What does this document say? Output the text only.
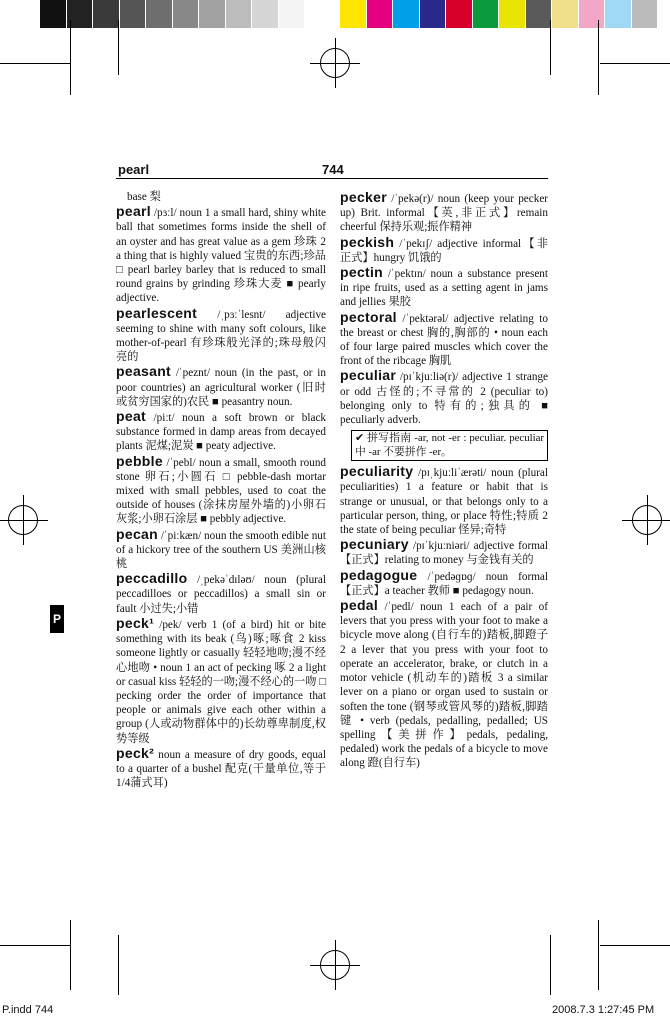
pearl	744
P
base 梨
pearl /pɜːl/ noun 1 a small hard, shiny white ball that sometimes forms inside the shell of an oyster and has great value as a gem 珍珠 2 a thing that is highly valued 宝贵的东西;珍品 □ pearl barley barley that is reduced to small round grains by grinding 珍珠大麦 ■ pearly adjective.
pearlescent /ˌpɜːˈlesnt/ adjective seeming to shine with many soft colours, like mother-of-pearl 有珍珠般光泽的;珠母般闪亮的
peasant /ˈpeznt/ noun (in the past, or in poor countries) an agricultural worker (旧时或贫穷国家的)农民 ■ peasantry noun.
peat /piːt/ noun a soft brown or black substance formed in damp areas from decayed plants 泥煤;泥炭 ■ peaty adjective.
pebble /ˈpebl/ noun a small, smooth round stone 卵石;小圆石 □ pebble-dash mortar mixed with small pebbles, used to coat the outside of houses (涂抹房屋外墙的)小卵石灰浆;小卵石涂层 ■ pebbly adjective.
pecan /ˈpiːkæn/ noun the smooth edible nut of a hickory tree of the southern US 美洲山核桃
peccadillo /ˌpekəˈdɪləʊ/ noun (plural peccadilloes or peccadillos) a small sin or fault 小过失;小错
peck¹ /pek/ verb 1 (of a bird) hit or bite something with its beak (鸟)啄;啄食 2 kiss someone lightly or casually 轻轻地吻;漫不经心地吻 • noun 1 an act of pecking 啄 2 a light or casual kiss 轻轻的一吻;漫不经心的一吻 □ pecking order the order of importance that people or animals give each other within a group (人或动物群体中的)长幼尊卑制度,权势等级
peck² noun a measure of dry goods, equal to a quarter of a bushel 配克(干量单位,等于1/4蒲式耳)
pecker /ˈpekə(r)/ noun (keep your pecker up) Brit. informal【英,非正式】remain cheerful 保持乐观;振作精神
peckish /ˈpekɪʃ/ adjective informal【非正式】hungry 饥饿的
pectin /ˈpektɪn/ noun a substance present in ripe fruits, used as a setting agent in jams and jellies 果胶
pectoral /ˈpektərəl/ adjective relating to the breast or chest 胸的,胸部的 • noun each of four large paired muscles which cover the front of the ribcage 胸肌
peculiar /pɪˈkjuːliə(r)/ adjective 1 strange or odd 古怪的;不寻常的 2 (peculiar to) belonging only to 特有的;独具的 ■ peculiarly adverb.
✔ 拼写指南 -ar, not -er : peculiar. peculiar 中 -ar 不要拼作 -er。
peculiarity /pɪˌkjuːliˈærəti/ noun (plural peculiarities) 1 a feature or habit that is strange or unusual, or that belongs only to a particular person, thing, or place 特性;特质 2 the state of being peculiar 怪异;奇特
pecuniary /pɪˈkjuːniəri/ adjective formal【正式】relating to money 与金钱有关的
pedagogue /ˈpedəɡɒɡ/ noun formal【正式】a teacher 教师 ■ pedagogy noun.
pedal /ˈpedl/ noun 1 each of a pair of levers that you press with your foot to make a bicycle move along (自行车的)踏板,脚蹬子 2 a lever that you press with your foot to operate an accelerator, brake, or clutch in a motor vehicle (机动车的)踏板 3 a similar lever on a piano or organ used to sustain or soften the tone (钢琴或管风琴的)踏板,脚踏键 • verb (pedals, pedalling, pedalled; US spelling【美拼作】pedals, pedaling, pedaled) work the pedals of a bicycle to move along 蹬(自行车)
P.indd 744	2008.7.3 1:27:45 PM
